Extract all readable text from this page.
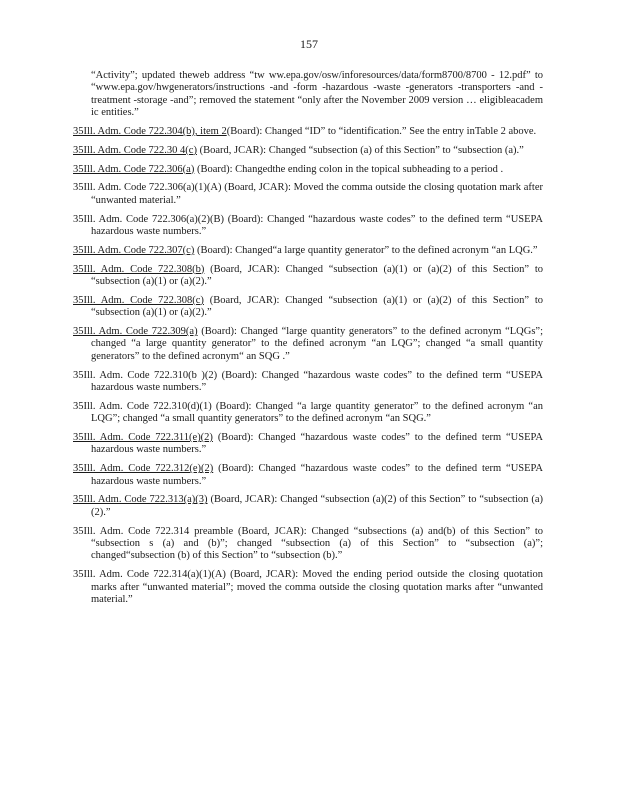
157

“Activity”; updated theweb address “tw ww.epa.gov/osw/inforesources/data/form8700/8700 - 12.pdf” to “www.epa.gov/hwgenerators/instructions -and -form -hazardous -waste -generators -transporters -and -treatment -storage -and”; removed the statement “only after the November 2009 version … eligibleacadem ic entities.”

35Ill. Adm. Code 722.304(b), item 2(Board): Changed “ID” to “identification.” See the entry inTable 2 above.

35Ill. Adm. Code 722.30 4(c) (Board, JCAR): Changed “subsection (a) of this Section” to “subsection (a).”

35Ill. Adm. Code 722.306(a) (Board): Changedthe ending colon in the topical subheading to a period .

35Ill. Adm. Code 722.306(a)(1)(A) (Board, JCAR): Moved the comma outside the closing quotation mark after “unwanted material.”

35Ill. Adm. Code 722.306(a)(2)(B) (Board): Changed “hazardous waste codes” to the defined term “USEPA hazardous waste numbers.”

35Ill. Adm. Code 722.307(c) (Board): Changed“a large quantity generator” to the defined acronym “an LQG.”

35Ill. Adm. Code 722.308(b) (Board, JCAR): Changed “subsection (a)(1) or (a)(2) of this Section” to “subsection (a)(1) or (a)(2).”

35Ill. Adm. Code 722.308(c) (Board, JCAR): Changed “subsection (a)(1) or (a)(2) of this Section” to “subsection (a)(1) or (a)(2).”

35Ill. Adm. Code 722.309(a) (Board): Changed “large quantity generators” to the defined acronym “LQGs”; changed “a large quantity generator” to the defined acronym “an LQG”; changed “a small quantity generators” to the defined acronym“ an SQG .”

35Ill. Adm. Code 722.310(b )(2) (Board): Changed “hazardous waste codes” to the defined term “USEPA hazardous waste numbers.”

35Ill. Adm. Code 722.310(d)(1) (Board): Changed “a large quantity generator” to the defined acronym “an LQG”; changed “a small quantity generators” to the defined acronym “an SQG.”

35Ill. Adm. Code 722.311(e)(2) (Board): Changed “hazardous waste codes” to the defined term “USEPA hazardous waste numbers.”

35Ill. Adm. Code 722.312(e)(2) (Board): Changed “hazardous waste codes” to the defined term “USEPA hazardous waste numbers.”

35Ill. Adm. Code 722.313(a)(3) (Board, JCAR): Changed “subsection (a)(2) of this Section” to “subsection (a)(2).”

35Ill. Adm. Code 722.314 preamble (Board, JCAR): Changed “subsections (a) and(b) of this Section” to “subsection s (a) and (b)”; changed “subsection (a) of this Section” to “subsection (a)”; changed“subsection (b) of this Section” to “subsection (b).”

35Ill. Adm. Code 722.314(a)(1)(A) (Board, JCAR): Moved the ending period outside the closing quotation marks after “unwanted material”; moved the comma outside the closing quotation marks after “unwanted material.”
